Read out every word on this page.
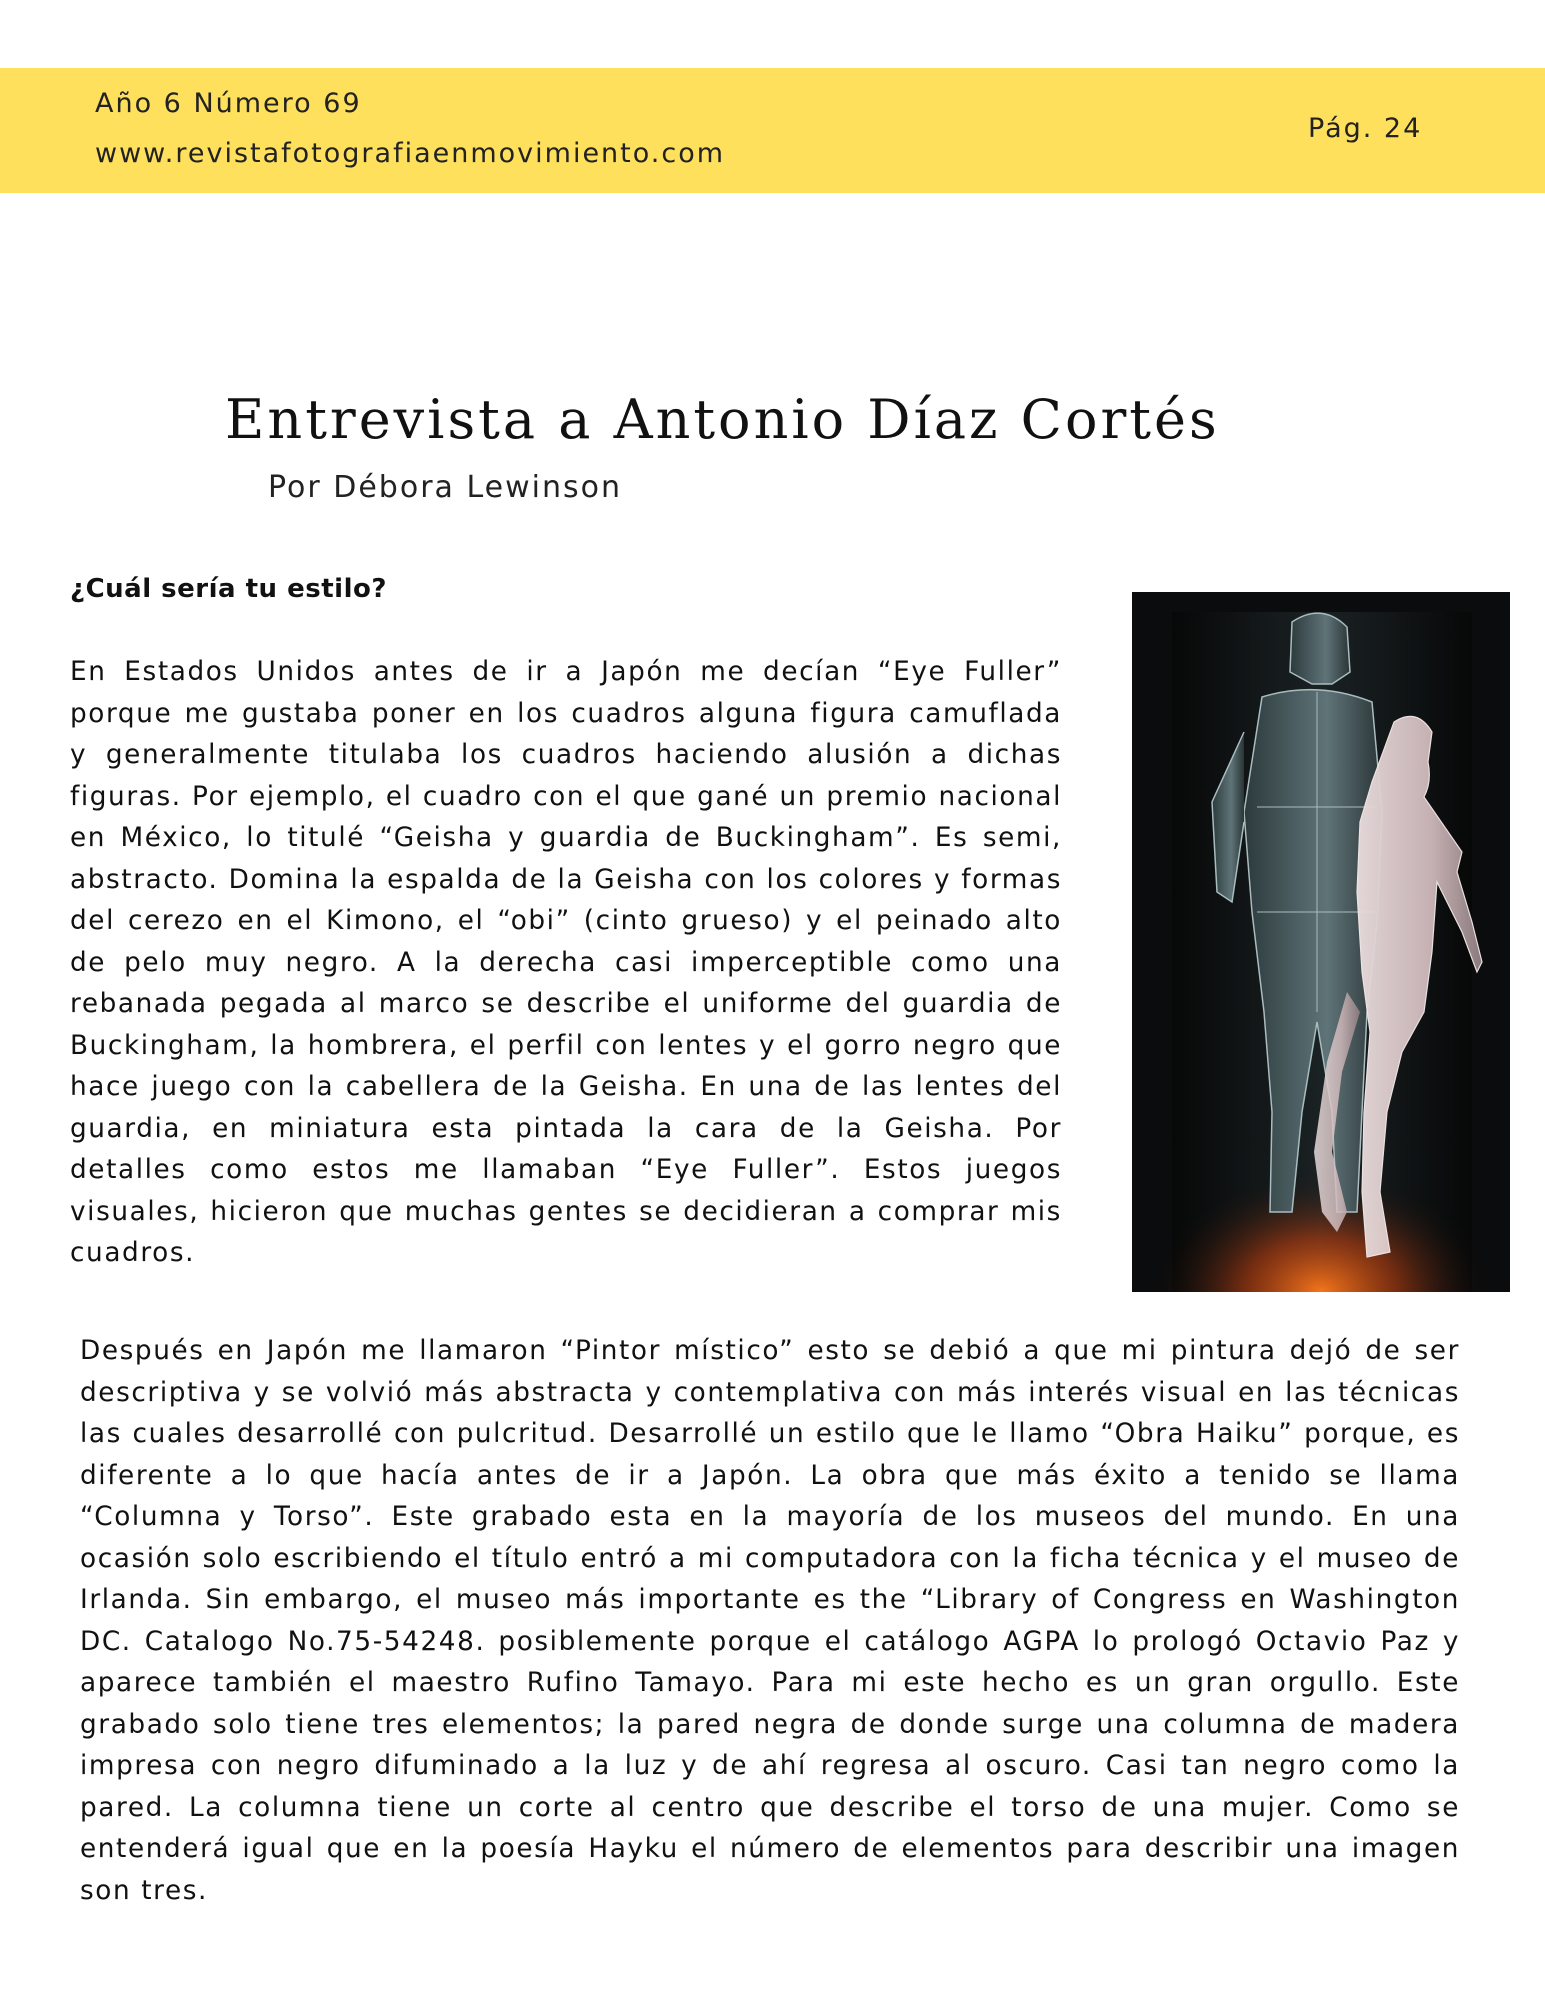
Año 6 Número 69
www.revistafotografiaenmovimiento.com
Pág. 24
Entrevista a Antonio Díaz Cortés
Por Débora Lewinson
¿Cuál sería tu estilo?

En Estados Unidos antes de ir a Japón me decían “Eye Fuller” porque me gustaba poner en los cuadros alguna figura camuflada y generalmente titulaba los cuadros haciendo alusión a dichas figuras. Por ejemplo, el cuadro con el que gané un premio nacional en México, lo titulé “Geisha y guardia de Buckingham”. Es semi, abstracto. Domina la espalda de la Geisha con los colores y formas del cerezo en el Kimono, el “obi” (cinto grueso) y el peinado alto de pelo muy negro. A la derecha casi imperceptible como una rebanada pegada al marco se describe el uniforme del guardia de Buckingham, la hombrera, el perfil con lentes y el gorro negro que hace juego con la cabellera de la Geisha. En una de las lentes del guardia, en miniatura esta pintada la cara de la Geisha. Por detalles como estos me llamaban “Eye Fuller”. Estos juegos visuales, hicieron que muchas gentes se decidieran a comprar mis cuadros.

Después en Japón me llamaron “Pintor místico” esto se debió a que mi pintura dejó de ser descriptiva y se volvió más abstracta y contemplativa con más interés visual en las técnicas las cuales desarrollé con pulcritud. Desarrollé un estilo que le llamo “Obra Haiku” porque, es diferente a lo que hacía antes de ir a Japón. La obra que más éxito a tenido se llama “Columna y Torso”. Este grabado esta en la mayoría de los museos del mundo. En una ocasión solo escribiendo el título entró a mi computadora con la ficha técnica y el museo de Irlanda. Sin embargo, el museo más importante es the “Library of Congress en Washington DC. Catalogo No.75-54248. posiblemente porque el catálogo AGPA lo prologó Octavio Paz y aparece también el maestro Rufino Tamayo. Para mi este hecho es un gran orgullo. Este grabado solo tiene tres elementos; la pared negra de donde surge una columna de madera impresa con negro difuminado a la luz y de ahí regresa al oscuro. Casi tan negro como la pared. La columna tiene un corte al centro que describe el torso de una mujer. Como se entenderá igual que en la poesía Hayku el número de elementos para describir una imagen son tres.
